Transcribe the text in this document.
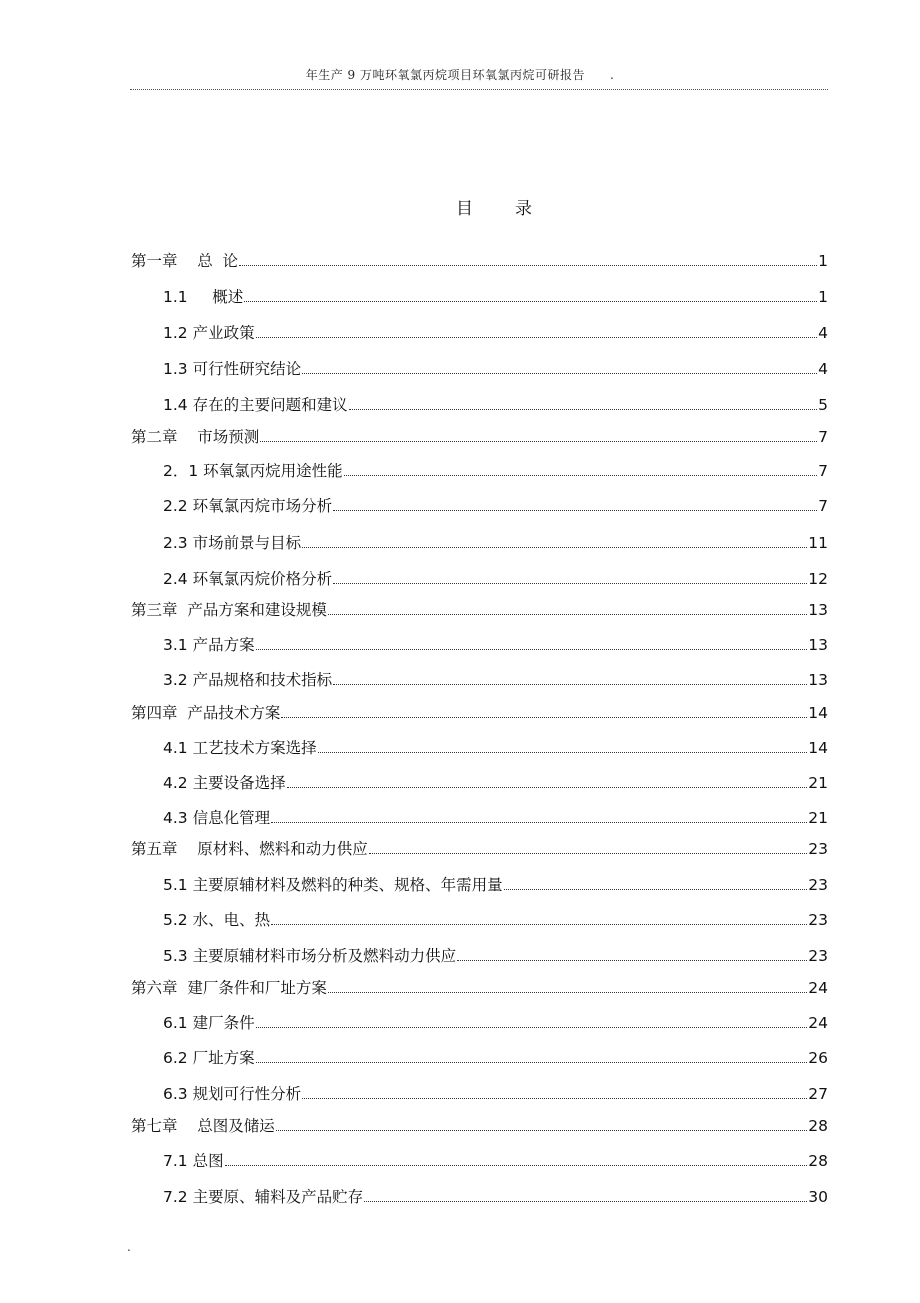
年生产 9 万吨环氧氯丙烷项目环氧氯丙烷可研报告　　.
目 录
第一章    总  论	1
1.1     概述	1
1.2 产业政策	4
1.3 可行性研究结论	4
1.4 存在的主要问题和建议	5
第二章    市场预测	7
2．1 环氧氯丙烷用途性能	7
2.2 环氧氯丙烷市场分析	7
2.3 市场前景与目标	11
2.4 环氧氯丙烷价格分析	12
第三章  产品方案和建设规模	13
3.1 产品方案	13
3.2 产品规格和技术指标	13
第四章  产品技术方案	14
4.1 工艺技术方案选择	14
4.2 主要设备选择	21
4.3 信息化管理	21
第五章    原材料、燃料和动力供应	23
5.1 主要原辅材料及燃料的种类、规格、年需用量	23
5.2 水、电、热	23
5.3 主要原辅材料市场分析及燃料动力供应	23
第六章  建厂条件和厂址方案	24
6.1 建厂条件	24
6.2 厂址方案	26
6.3 规划可行性分析	27
第七章    总图及储运	28
7.1 总图	28
7.2 主要原、辅料及产品贮存	30
.
